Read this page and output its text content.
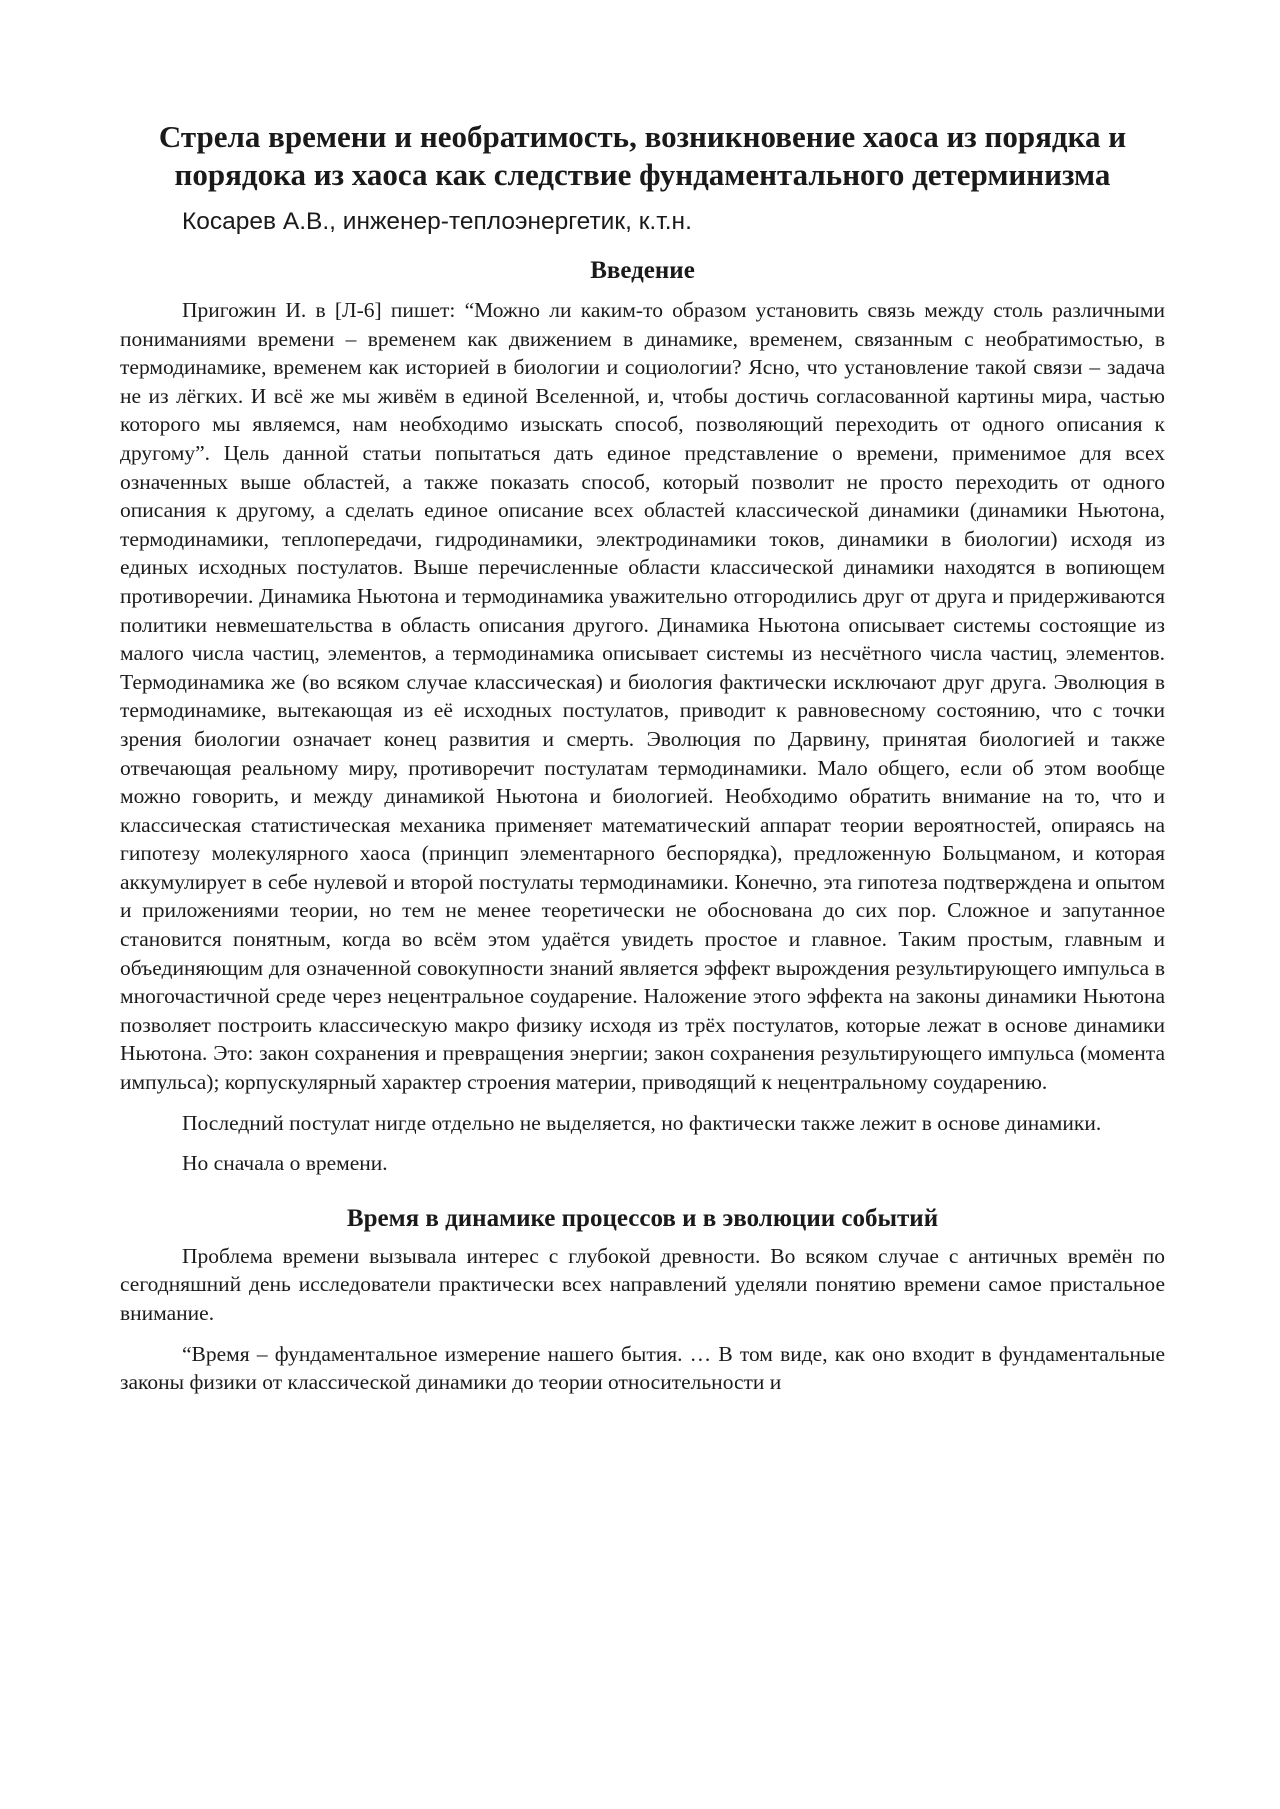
Стрела времени и необратимость, возникновение хаоса из порядка и порядока из хаоса как следствие фундаментального детерминизма
Косарев А.В., инженер-теплоэнергетик, к.т.н.
Введение

Пригожин И. в [Л-6] пишет: “Можно ли каким-то образом установить связь между столь различными пониманиями времени – временем как движением в динамике, временем, связанным с необратимостью, в термодинамике, временем как историей в биологии и социологии? Ясно, что установление такой связи – задача не из лёгких. И всё же мы живём в единой Вселенной, и, чтобы достичь согласованной картины мира, частью которого мы являемся, нам необходимо изыскать способ, позволяющий переходить от одного описания к другому”. Цель данной статьи попытаться дать единое представление о времени, применимое для всех означенных выше областей, а также показать способ, который позволит не просто переходить от одного описания к другому, а сделать единое описание всех областей классической динамики (динамики Ньютона, термодинамики, теплопередачи, гидродинамики, электродинамики токов, динамики в биологии) исходя из единых исходных постулатов. Выше перечисленные области классической динамики находятся в вопиющем противоречии. Динамика Ньютона и термодинамика уважительно отгородились друг от друга и придерживаются политики невмешательства в область описания другого. Динамика Ньютона описывает системы состоящие из малого числа частиц, элементов, а термодинамика описывает системы из несчётного числа частиц, элементов. Термодинамика же (во всяком случае классическая) и биология фактически исключают друг друга. Эволюция в термодинамике, вытекающая из её исходных постулатов, приводит к равновесному состоянию, что с точки зрения биологии означает конец развития и смерть. Эволюция по Дарвину, принятая биологией и также отвечающая реальному миру, противоречит постулатам термодинамики. Мало общего, если об этом вообще можно говорить, и между динамикой Ньютона и биологией. Необходимо обратить внимание на то, что и классическая статистическая механика применяет математический аппарат теории вероятностей, опираясь на гипотезу молекулярного хаоса (принцип элементарного беспорядка), предложенную Больцманом, и которая аккумулирует в себе нулевой и второй постулаты термодинамики. Конечно, эта гипотеза подтверждена и опытом и приложениями теории, но тем не менее теоретически не обоснована до сих пор. Сложное и запутанное становится понятным, когда во всём этом удаётся увидеть простое и главное. Таким простым, главным и объединяющим для означенной совокупности знаний является эффект вырождения результирующего импульса в многочастичной среде через нецентральное соударение. Наложение этого эффекта на законы динамики Ньютона позволяет построить классическую макро физику исходя из трёх постулатов, которые лежат в основе динамики Ньютона. Это: закон сохранения и превращения энергии; закон сохранения результирующего импульса (момента импульса); корпускулярный характер строения материи, приводящий к нецентральному соударению.

Последний постулат нигде отдельно не выделяется, но фактически также лежит в основе динамики.

Но сначала о времени.

Время в динамике процессов и в эволюции событий

Проблема времени вызывала интерес с глубокой древности. Во всяком случае с античных времён по сегодняшний день исследователи практически всех направлений уделяли понятию времени самое пристальное внимание.

“Время – фундаментальное измерение нашего бытия. … В том виде, как оно входит в фундаментальные законы физики от классической динамики до теории относительности и
